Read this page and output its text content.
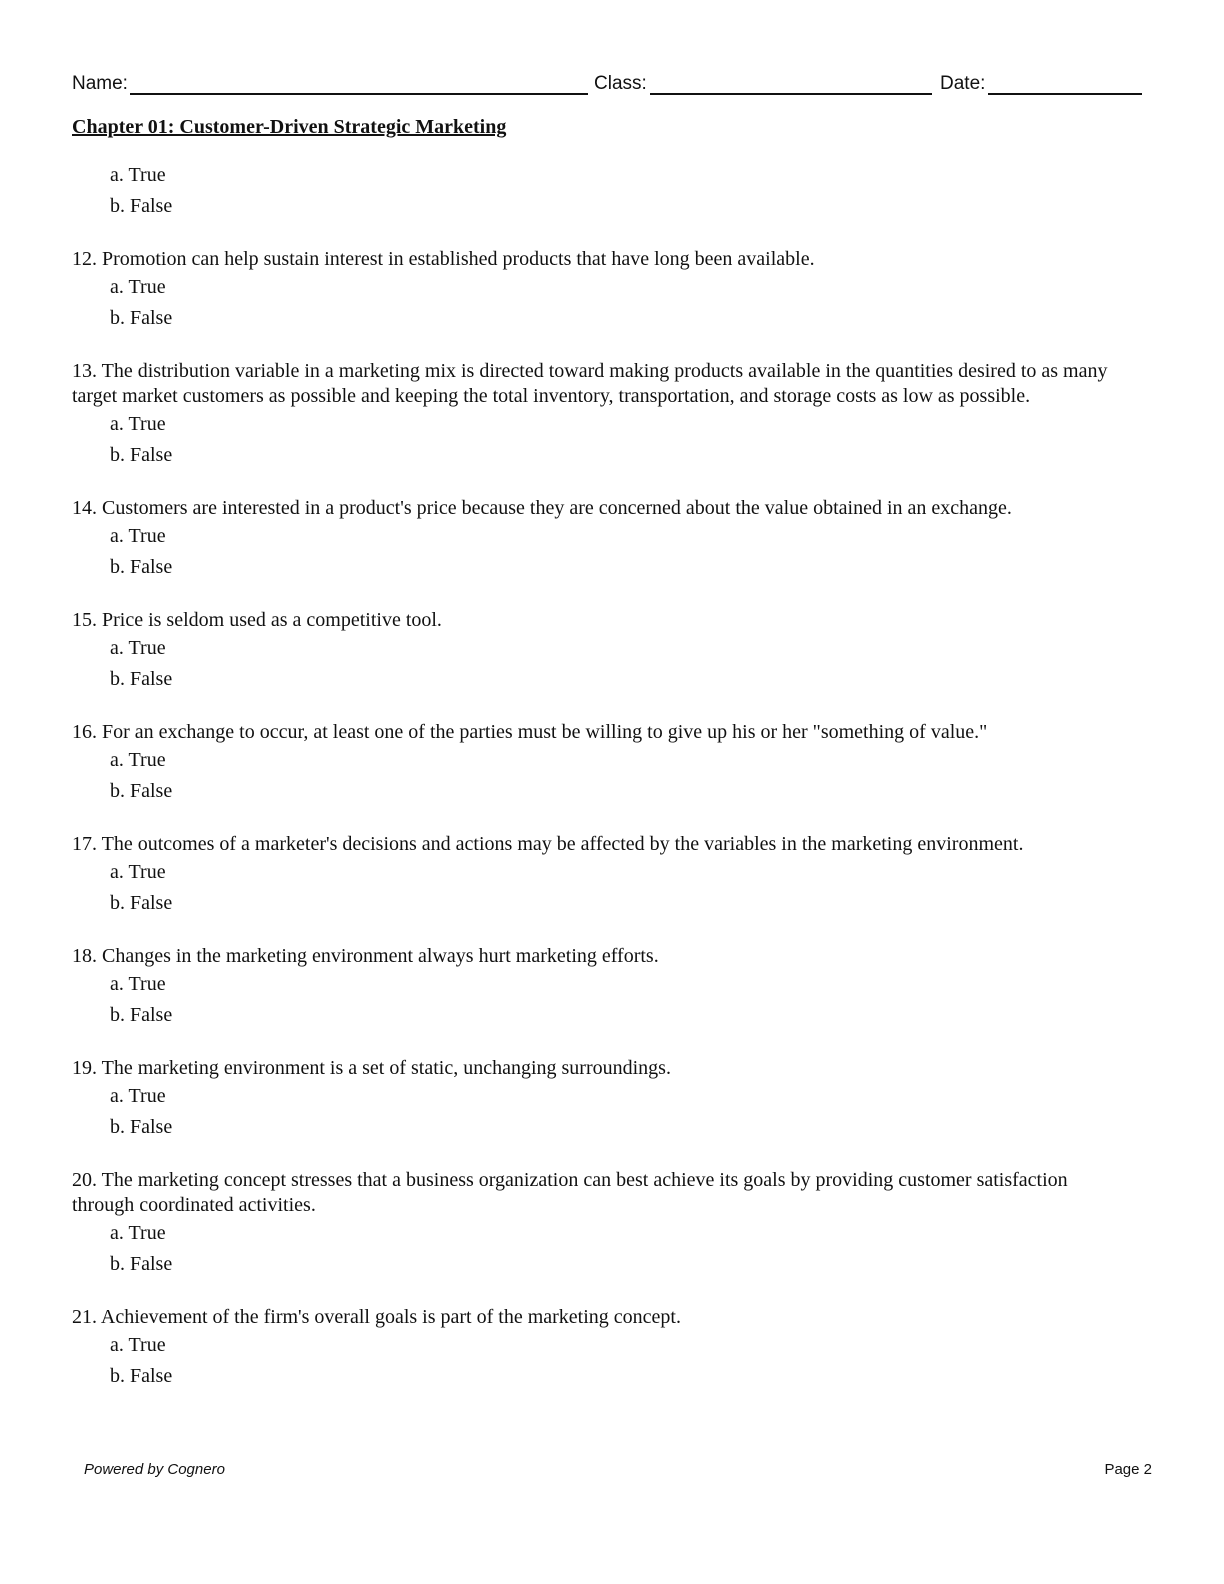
Name:	Class:	Date:
Chapter 01: Customer-Driven Strategic Marketing

a. True

b. False

12. Promotion can help sustain interest in established products that have long been available.

a. True

b. False

13. The distribution variable in a marketing mix is directed toward making products available in the quantities desired to as many target market customers as possible and keeping the total inventory, transportation, and storage costs as low as possible.

a. True

b. False

14. Customers are interested in a product's price because they are concerned about the value obtained in an exchange.

a. True

b. False

15. Price is seldom used as a competitive tool.

a. True

b. False

16. For an exchange to occur, at least one of the parties must be willing to give up his or her "something of value."

a. True

b. False

17. The outcomes of a marketer's decisions and actions may be affected by the variables in the marketing environment.

a. True

b. False

18. Changes in the marketing environment always hurt marketing efforts.

a. True

b. False

19. The marketing environment is a set of static, unchanging surroundings.

a. True

b. False

20. The marketing concept stresses that a business organization can best achieve its goals by providing customer satisfaction through coordinated activities.

a. True

b. False

21. Achievement of the firm's overall goals is part of the marketing concept.

a. True

b. False

Powered by Cognero	Page 2
